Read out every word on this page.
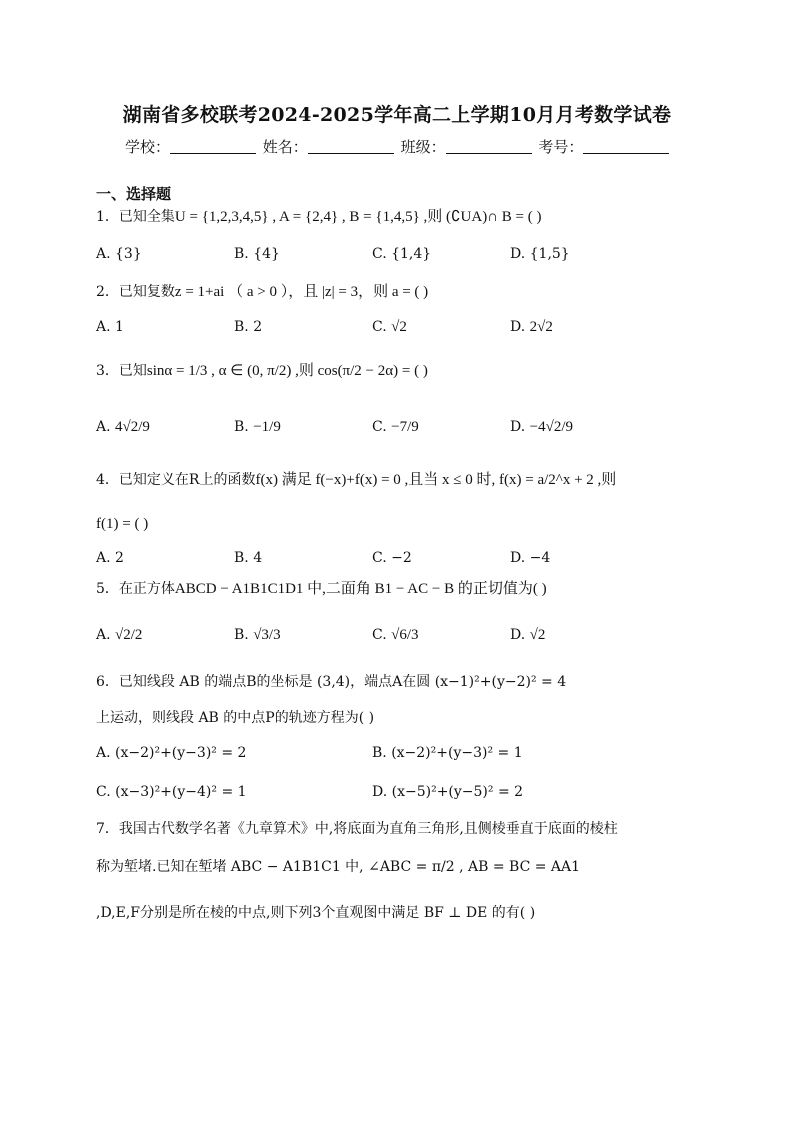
湖南省多校联考2024-2025学年高二上学期10月月考数学试卷
学校：	姓名：	班级：	考号：
一、选择题
1．已知全集U = {1,2,3,4,5} , A = {2,4} , B = {1,4,5} ,则 (∁UA)∩ B = ( )
A. {3}	B. {4}	C. {1,4}	D. {1,5}
2．已知复数z = 1+ai （ a > 0 ），且 |z| = 3，则 a = ( )
A. 1	B. 2	C. √2	D. 2√2
3．已知sinα = 1/3 , α ∈ (0, π/2) ,则 cos(π/2 − 2α) = ( )
A. 4√2/9	B. −1/9	C. −7/9	D. −4√2/9
4．已知定义在R上的函数f(x) 满足 f(−x)+f(x) = 0 ,且当 x ≤ 0 时, f(x) = a/2^x + 2 ,则
f(1) = ( )
A. 2	B. 4	C. −2	D. −4
5．在正方体ABCD − A1B1C1D1 中,二面角 B1 − AC − B 的正切值为( )
A. √2/2	B. √3/3	C. √6/3	D. √2
6．已知线段 AB 的端点B的坐标是 (3,4)，端点A在圆 (x−1)²+(y−2)² = 4
上运动，则线段 AB 的中点P的轨迹方程为( )
A. (x−2)²+(y−3)² = 2	B. (x−2)²+(y−3)² = 1
C. (x−3)²+(y−4)² = 1	D. (x−5)²+(y−5)² = 2
7．我国古代数学名著《九章算术》中,将底面为直角三角形,且侧棱垂直于底面的棱柱
称为堑堵.已知在堑堵 ABC − A1B1C1 中, ∠ABC = π/2 , AB = BC = AA1
,D,E,F分别是所在棱的中点,则下列3个直观图中满足 BF ⊥ DE 的有( )
